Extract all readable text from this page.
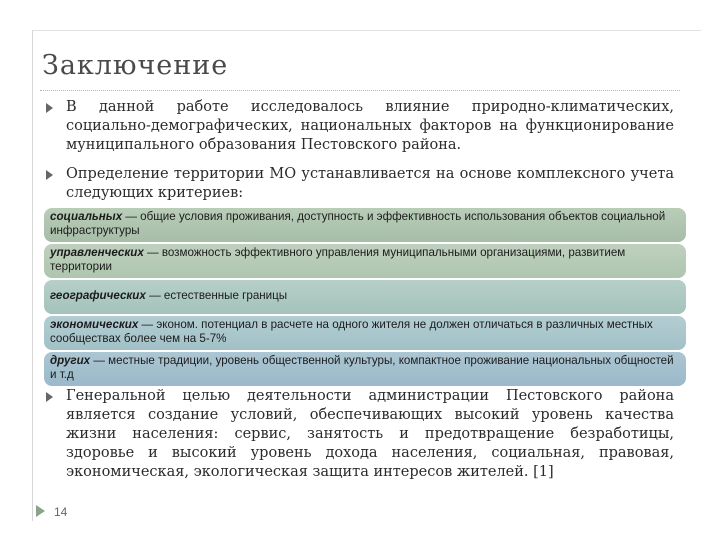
Заключение
В данной работе исследовалось влияние природно-климатических, социально-демографических, национальных факторов на функционирование муниципального образования Пестовского района.
Определение территории МО устанавливается на основе комплексного учета следующих критериев:
социальных — общие условия проживания, доступность и эффективность использования объектов социальной инфраструктуры
управленческих — возможность эффективного управления муниципальными организациями, развитием территории
географических — естественные границы
экономических — эконом. потенциал в расчете на одного жителя не должен отличаться в различных местных сообществах более чем на 5-7%
других — местные традиции, уровень общественной культуры, компактное проживание национальных общностей и т.д
Генеральной целью деятельности администрации Пестовского района является создание условий, обеспечивающих высокий уровень качества жизни населения: сервис, занятость и предотвращение безработицы, здоровье и высокий уровень дохода населения, социальная, правовая, экономическая, экологическая защита интересов жителей. [1]
14
